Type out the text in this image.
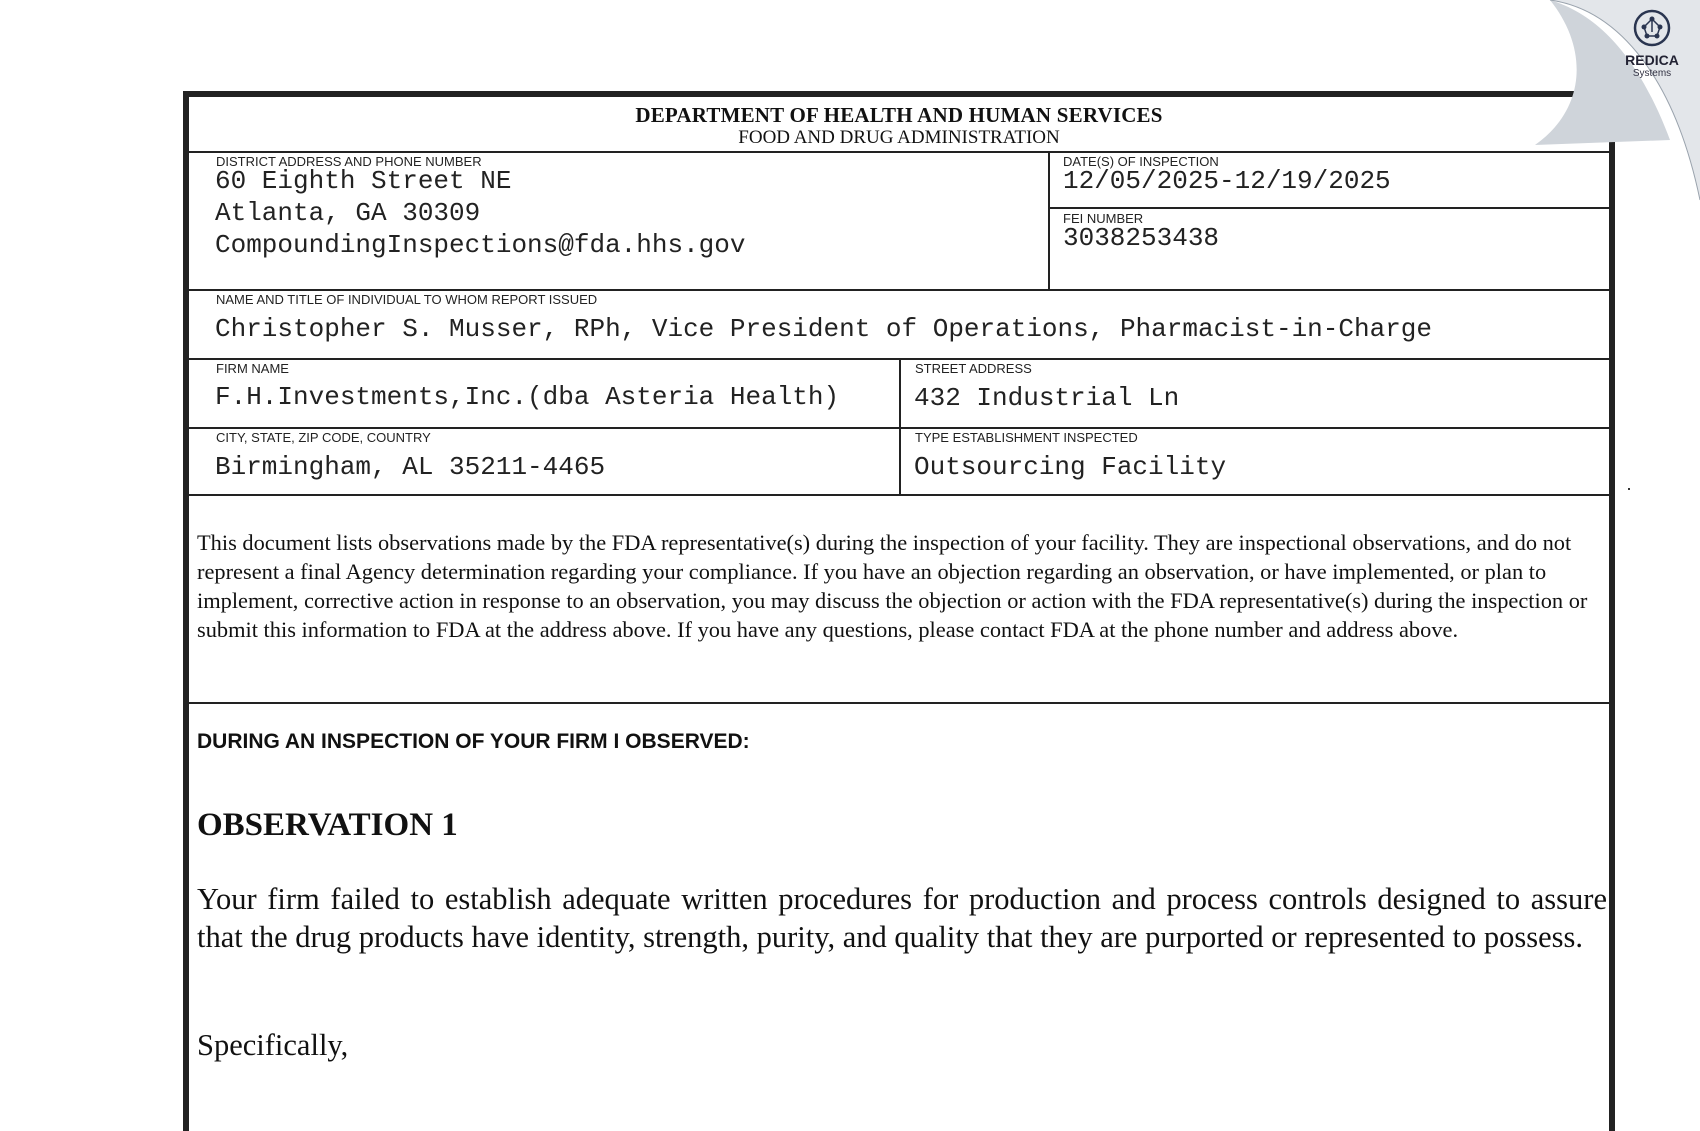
DEPARTMENT OF HEALTH AND HUMAN SERVICES
FOOD AND DRUG ADMINISTRATION
DISTRICT ADDRESS AND PHONE NUMBER
60 Eighth Street NE
Atlanta, GA 30309
CompoundingInspections@fda.hhs.gov
DATE(S) OF INSPECTION
12/05/2025-12/19/2025
FEI NUMBER
3038253438
NAME AND TITLE OF INDIVIDUAL TO WHOM REPORT ISSUED
Christopher S. Musser, RPh, Vice President of Operations, Pharmacist-in-Charge
FIRM NAME
F.H.Investments,Inc.(dba Asteria Health)
STREET ADDRESS
432 Industrial Ln
CITY, STATE, ZIP CODE, COUNTRY
Birmingham, AL 35211-4465
TYPE ESTABLISHMENT INSPECTED
Outsourcing Facility

This document lists observations made by the FDA representative(s) during the inspection of your facility. They are inspectional observations, and do not represent a final Agency determination regarding your compliance. If you have an objection regarding an observation, or have implemented, or plan to implement, corrective action in response to an observation, you may discuss the objection or action with the FDA representative(s) during the inspection or submit this information to FDA at the address above. If you have any questions, please contact FDA at the phone number and address above.

DURING AN INSPECTION OF YOUR FIRM I OBSERVED:
OBSERVATION 1

Your firm failed to establish adequate written procedures for production and process controls designed to assure that the drug products have identity, strength, purity, and quality that they are purported or represented to possess.

Specifically,

REDICA
Systems
